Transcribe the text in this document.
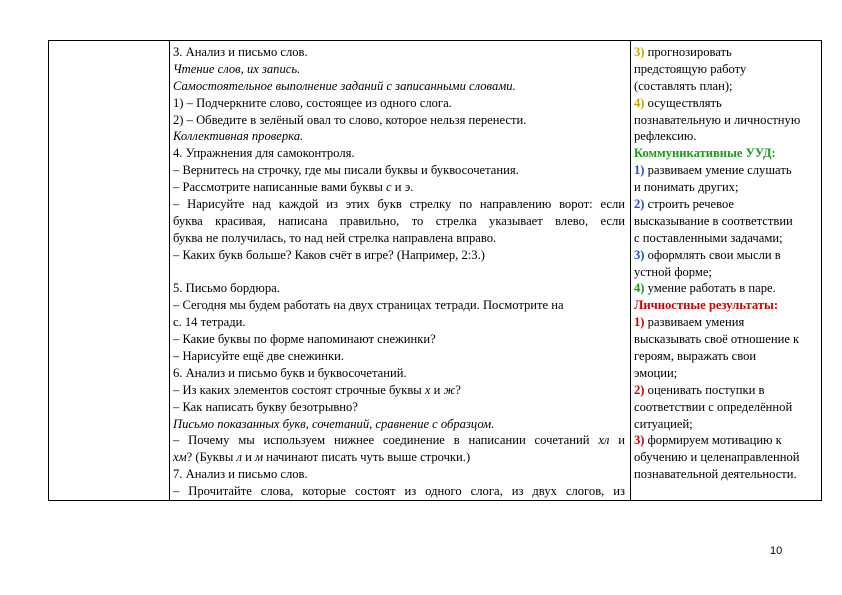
3. Анализ и письмо слов.
Чтение слов, их запись.
Самостоятельное выполнение заданий с записанными словами.
1) – Подчеркните слово, состоящее из одного слога.
2) – Обведите в зелёный овал то слово, которое нельзя перенести.
Коллективная проверка.
4. Упражнения для самоконтроля.
– Вернитесь на строчку, где мы писали буквы и буквосочетания.
– Рассмотрите написанные вами буквы с и э.
– Нарисуйте над каждой из этих букв стрелку по направлению ворот: если
буква красивая, написана правильно, то стрелка указывает влево, если
буква не получилась, то над ней стрелка направлена вправо.
– Каких букв больше? Каков счёт в игре? (Например, 2:3.)
5. Письмо бордюра.
– Сегодня мы будем работать на двух страницах тетради. Посмотрите на
с. 14 тетради.
– Какие буквы по форме напоминают снежинки?
– Нарисуйте ещё две снежинки.
6. Анализ и письмо букв и буквосочетаний.
– Из каких элементов состоят строчные буквы х и ж?
– Как написать букву безотрывно?
Письмо показанных букв, сочетаний, сравнение с образцом.
– Почему мы используем нижнее соединение в написании сочетаний хл и
хм? (Буквы л и м начинают писать чуть выше строчки.)
7. Анализ и письмо слов.
– Прочитайте слова, которые состоят из одного слога, из двух слогов, из
3) прогнозировать
предстоящую работу
(составлять план);
4) осуществлять
познавательную и личностную
рефлексию.
Коммуникативные УУД:
1) развиваем умение слушать
и понимать других;
2) строить речевое
высказывание в соответствии
с поставленными задачами;
3) оформлять свои мысли в
устной форме;
4) умение работать в паре.
Личностные результаты:
1) развиваем умения
высказывать своё отношение к
героям, выражать свои
эмоции;
2) оценивать поступки в
соответствии с определённой
ситуацией;
3) формируем мотивацию к
обучению и целенаправленной
познавательной деятельности.
10
